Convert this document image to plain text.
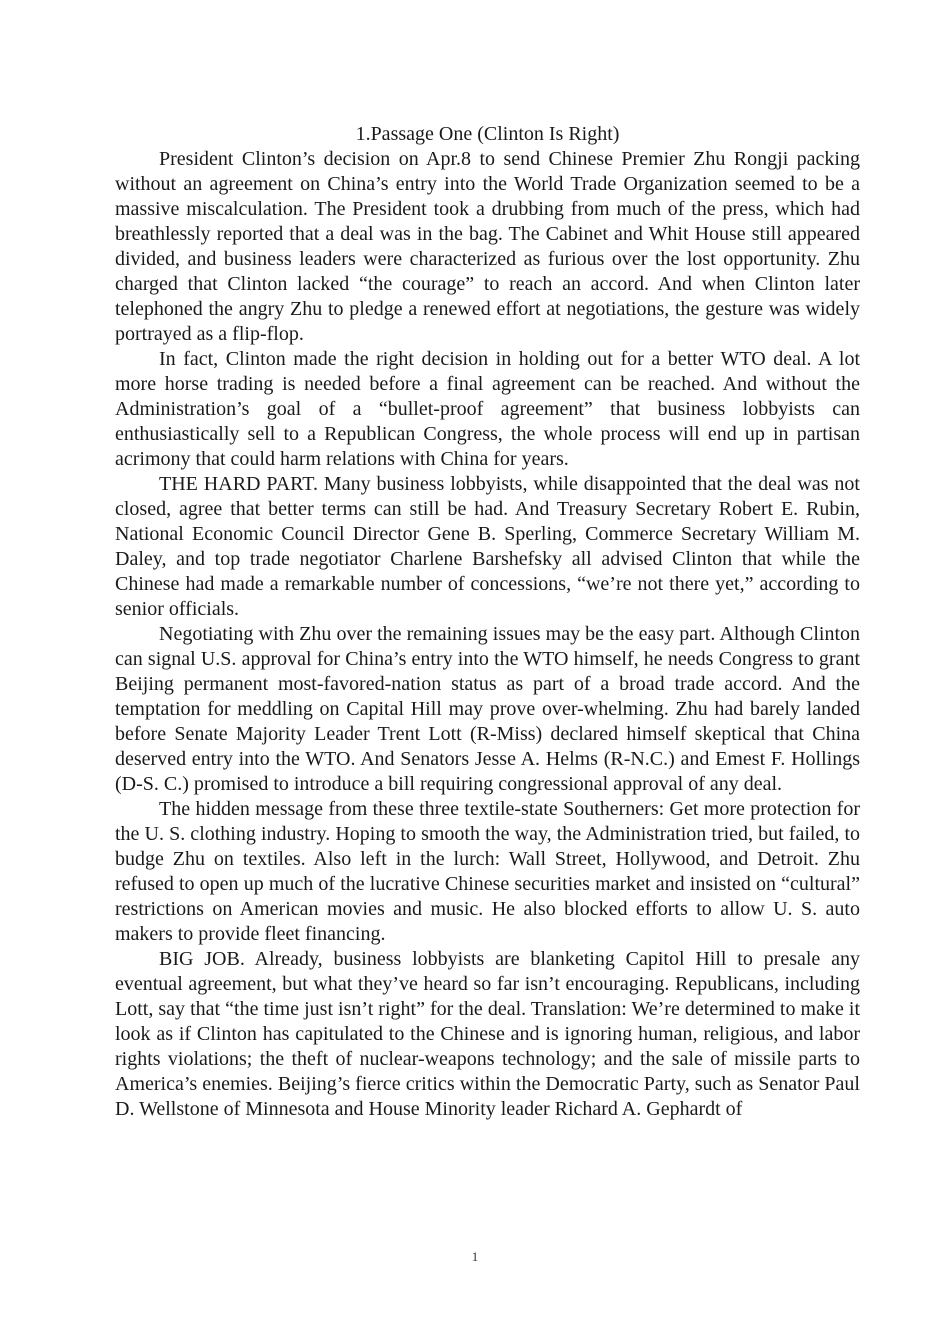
1.Passage One (Clinton Is Right)

President Clinton’s decision on Apr.8 to send Chinese Premier Zhu Rongji packing without an agreement on China’s entry into the World Trade Organization seemed to be a massive miscalculation. The President took a drubbing from much of the press, which had breathlessly reported that a deal was in the bag. The Cabinet and Whit House still appeared divided, and business leaders were characterized as furious over the lost opportunity. Zhu charged that Clinton lacked “the courage” to reach an accord. And when Clinton later telephoned the angry Zhu to pledge a renewed effort at negotiations, the gesture was widely portrayed as a flip-flop.

In fact, Clinton made the right decision in holding out for a better WTO deal. A lot more horse trading is needed before a final agreement can be reached. And without the Administration’s goal of a “bullet-proof agreement” that business lobbyists can enthusiastically sell to a Republican Congress, the whole process will end up in partisan acrimony that could harm relations with China for years.

THE HARD PART. Many business lobbyists, while disappointed that the deal was not closed, agree that better terms can still be had. And Treasury Secretary Robert E. Rubin, National Economic Council Director Gene B. Sperling, Commerce Secretary William M. Daley, and top trade negotiator Charlene Barshefsky all advised Clinton that while the Chinese had made a remarkable number of concessions, “we’re not there yet,” according to senior officials.

Negotiating with Zhu over the remaining issues may be the easy part. Although Clinton can signal U.S. approval for China’s entry into the WTO himself, he needs Congress to grant Beijing permanent most-favored-nation status as part of a broad trade accord. And the temptation for meddling on Capital Hill may prove over-whelming. Zhu had barely landed before Senate Majority Leader Trent Lott (R-Miss) declared himself skeptical that China deserved entry into the WTO. And Senators Jesse A. Helms (R-N.C.) and Emest F. Hollings (D-S. C.) promised to introduce a bill requiring congressional approval of any deal.

The hidden message from these three textile-state Southerners: Get more protection for the U. S. clothing industry. Hoping to smooth the way, the Administration tried, but failed, to budge Zhu on textiles. Also left in the lurch: Wall Street, Hollywood, and Detroit. Zhu refused to open up much of the lucrative Chinese securities market and insisted on “cultural” restrictions on American movies and music. He also blocked efforts to allow U. S. auto makers to provide fleet financing.

BIG JOB. Already, business lobbyists are blanketing Capitol Hill to presale any eventual agreement, but what they’ve heard so far isn’t encouraging. Republicans, including Lott, say that “the time just isn’t right” for the deal. Translation: We’re determined to make it look as if Clinton has capitulated to the Chinese and is ignoring human, religious, and labor rights violations; the theft of nuclear-weapons technology; and the sale of missile parts to America’s enemies. Beijing’s fierce critics within the Democratic Party, such as Senator Paul D. Wellstone of Minnesota and House Minority leader Richard A. Gephardt of

1
